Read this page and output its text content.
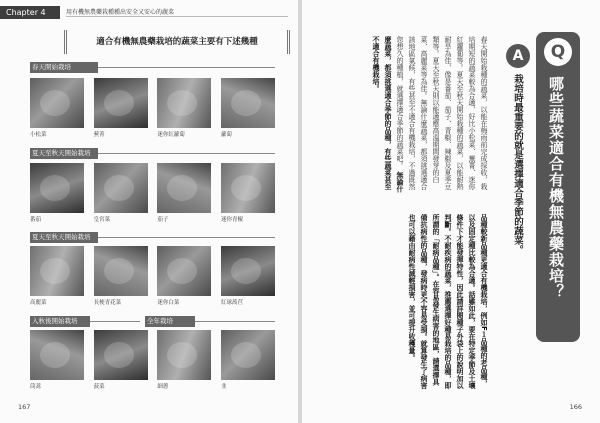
Chapter 4	用有機無農藥栽種種出安全又安心的蔬菜
適合有機無農藥栽培的蔬菜主要有下述幾種
春天開始栽培
小松菜	蕪菁	迷你紅蘿蔔	蘿蔔
夏天至秋天開始栽培
番茄	皇宮菜	茄子	迷你青椒
夏天至秋天開始栽培
高麗菜	長梗青花菜	迷你白菜	紅球萵苣
入秋後開始栽培	全年栽培
茼蒿	菠菜	細蔥	韭
167
Q
哪些蔬菜適合有機無農藥栽培？
A
栽培時最重要的就是選擇適合季節的蔬菜。
春天開始栽種的蔬菜，以能在梅雨前完成採收，栽培期短的蔬菜較為合適，好比小松菜、蕪菁、迷你紅蘿蔔等。夏天至秋天開始栽種的蔬菜，以能耐熱耐旱為佳，像是番茄、茄子、青椒、辣椒及夏季豆類等。夏天至秋天則以能適應高溫期間發芽的白菜、高麗菜等為佳。無論什麼蔬菜，都須挑選適合該地區氣候，有些甚至不適合有機栽培，不過既然您想久的種植，就選擇適合季節的蔬菜吧。 無論什麼蔬菜，都須挑選適合季節的品種，有些蔬菜甚至不適合有機栽培。
品種較新品種更適合有機栽培，例如F１品種的老品種，以及固定種比較為合適。話雖如此，要在特定季節及土壤條件下才能發揮特性，因此請詳閱種子外袋上的說明加以判斷。不耐疾病的蔬菜，推薦選擇好種易栽培的品種，即所謂的「耐病品種」。在容易發生病害的地區，請選擇具備抗病性的品種，發病時更不容易受損。就算發生了病害也可以藉由耐病性減輕損害，並可提升收穫量。
166
